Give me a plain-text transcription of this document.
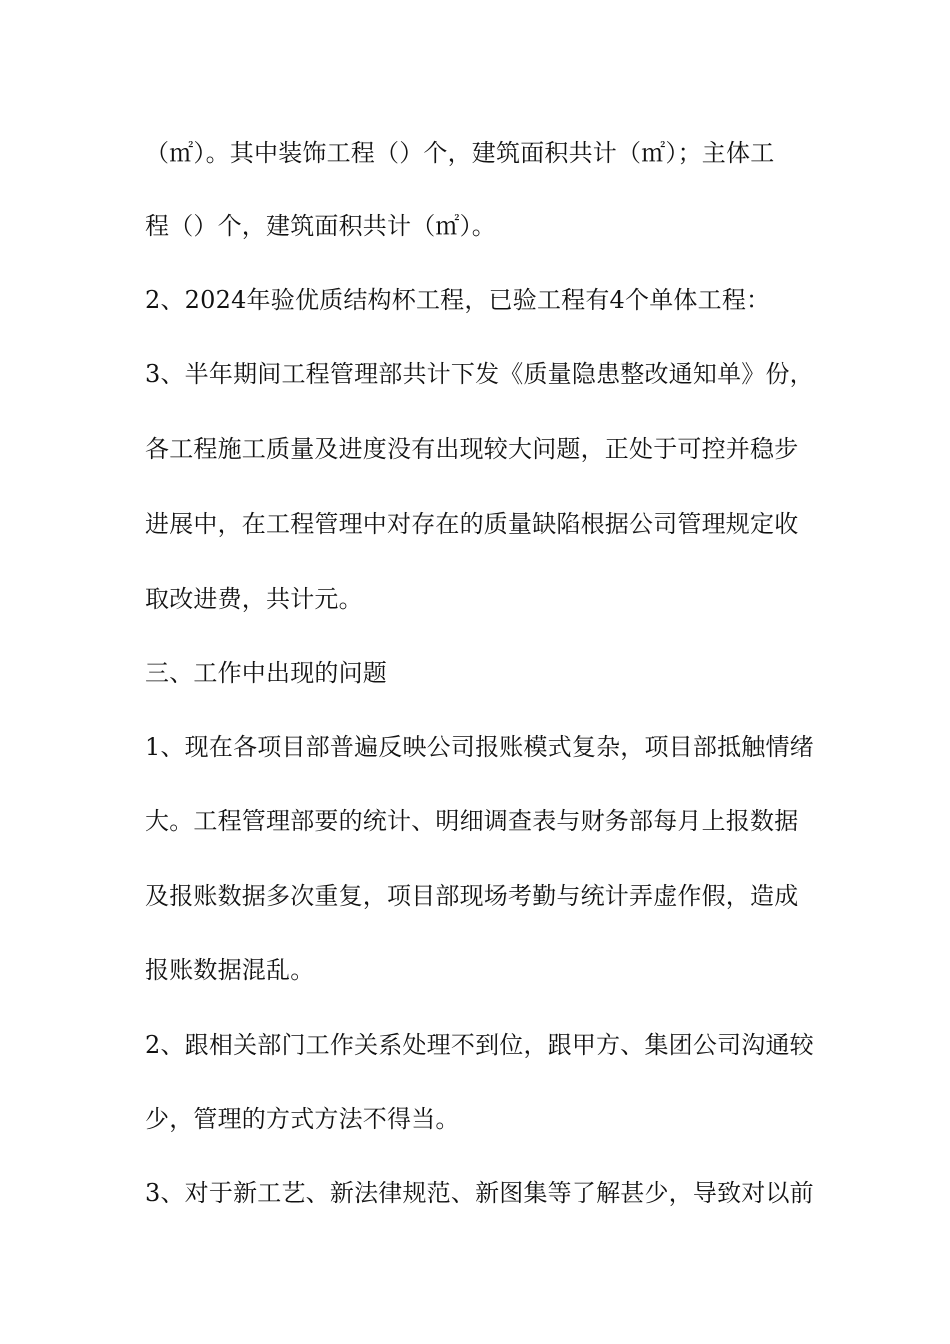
（㎡）。其中装饰工程（）个，建筑面积共计（㎡）；主体工
程（）个，建筑面积共计（㎡）。
2、2024年验优质结构杯工程，已验工程有4个单体工程：
3、半年期间工程管理部共计下发《质量隐患整改通知单》份，
各工程施工质量及进度没有出现较大问题，正处于可控并稳步
进展中，在工程管理中对存在的质量缺陷根据公司管理规定收
取改进费，共计元。
三、工作中出现的问题
1、现在各项目部普遍反映公司报账模式复杂，项目部抵触情绪
大。工程管理部要的统计、明细调查表与财务部每月上报数据
及报账数据多次重复，项目部现场考勤与统计弄虚作假，造成
报账数据混乱。
2、跟相关部门工作关系处理不到位，跟甲方、集团公司沟通较
少，管理的方式方法不得当。
3、对于新工艺、新法律规范、新图集等了解甚少，导致对以前
